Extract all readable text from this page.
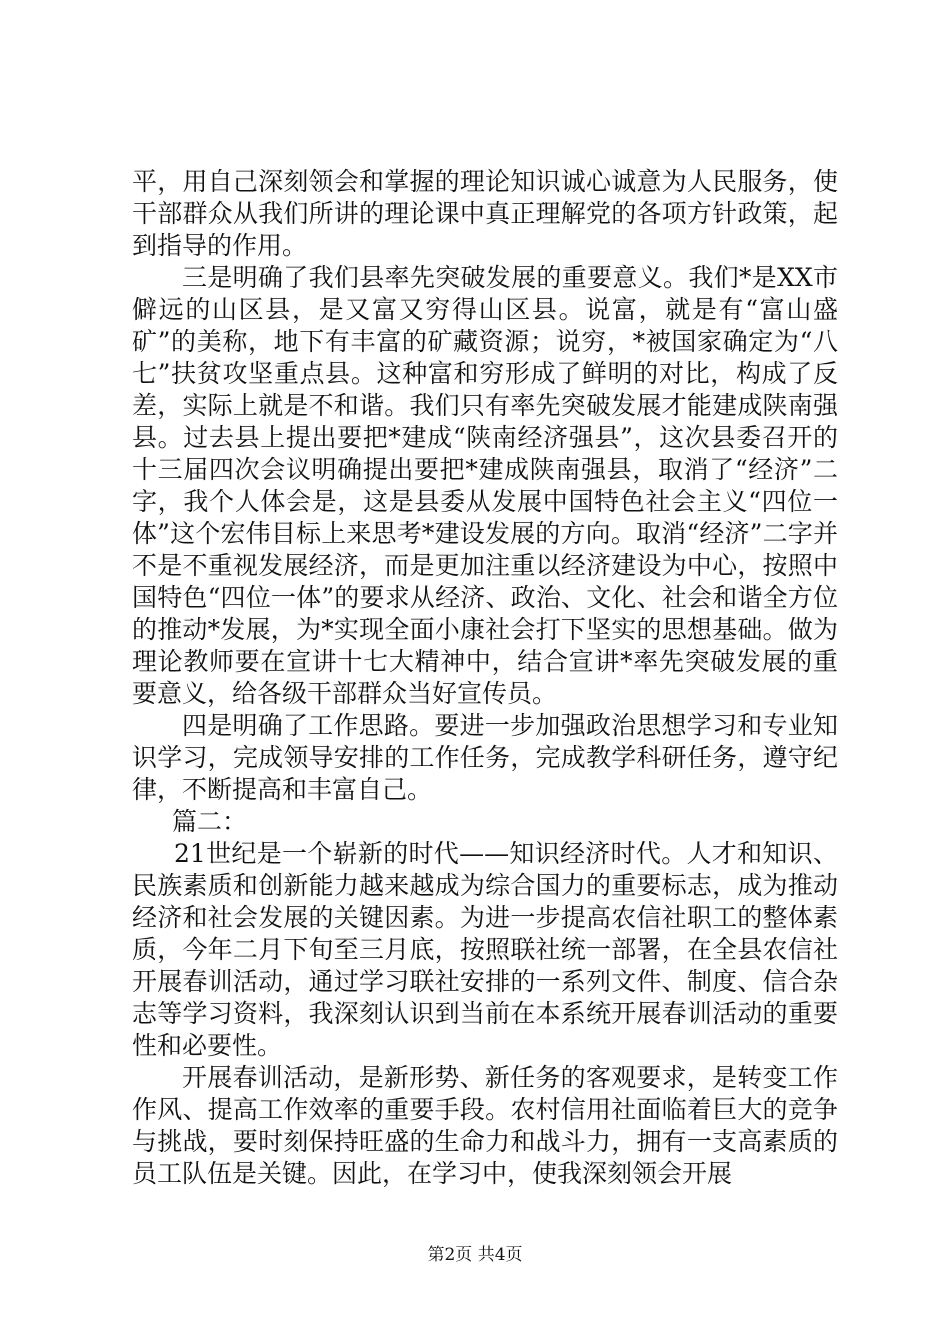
平，用自己深刻领会和掌握的理论知识诚心诚意为人民服务，使干部群众从我们所讲的理论课中真正理解党的各项方针政策，起到指导的作用。

三是明确了我们县率先突破发展的重要意义。我们*是XX市僻远的山区县，是又富又穷得山区县。说富，就是有“富山盛矿”的美称，地下有丰富的矿藏资源；说穷，*被国家确定为“八七”扶贫攻坚重点县。这种富和穷形成了鲜明的对比，构成了反差，实际上就是不和谐。我们只有率先突破发展才能建成陕南强县。过去县上提出要把*建成“陕南经济强县”，这次县委召开的十三届四次会议明确提出要把*建成陕南强县，取消了“经济”二字，我个人体会是，这是县委从发展中国特色社会主义“四位一体”这个宏伟目标上来思考*建设发展的方向。取消“经济”二字并不是不重视发展经济，而是更加注重以经济建设为中心，按照中国特色“四位一体”的要求从经济、政治、文化、社会和谐全方位的推动*发展，为*实现全面小康社会打下坚实的思想基础。做为理论教师要在宣讲十七大精神中，结合宣讲*率先突破发展的重要意义，给各级干部群众当好宣传员。

四是明确了工作思路。要进一步加强政治思想学习和专业知识学习，完成领导安排的工作任务，完成教学科研任务，遵守纪律，不断提高和丰富自己。

篇二：

21世纪是一个崭新的时代——知识经济时代。人才和知识、民族素质和创新能力越来越成为综合国力的重要标志，成为推动经济和社会发展的关键因素。为进一步提高农信社职工的整体素质，今年二月下旬至三月底，按照联社统一部署，在全县农信社开展春训活动，通过学习联社安排的一系列文件、制度、信合杂志等学习资料，我深刻认识到当前在本系统开展春训活动的重要性和必要性。

开展春训活动，是新形势、新任务的客观要求，是转变工作作风、提高工作效率的重要手段。农村信用社面临着巨大的竞争与挑战，要时刻保持旺盛的生命力和战斗力，拥有一支高素质的员工队伍是关键。因此，在学习中，使我深刻领会开展

第2页 共4页
